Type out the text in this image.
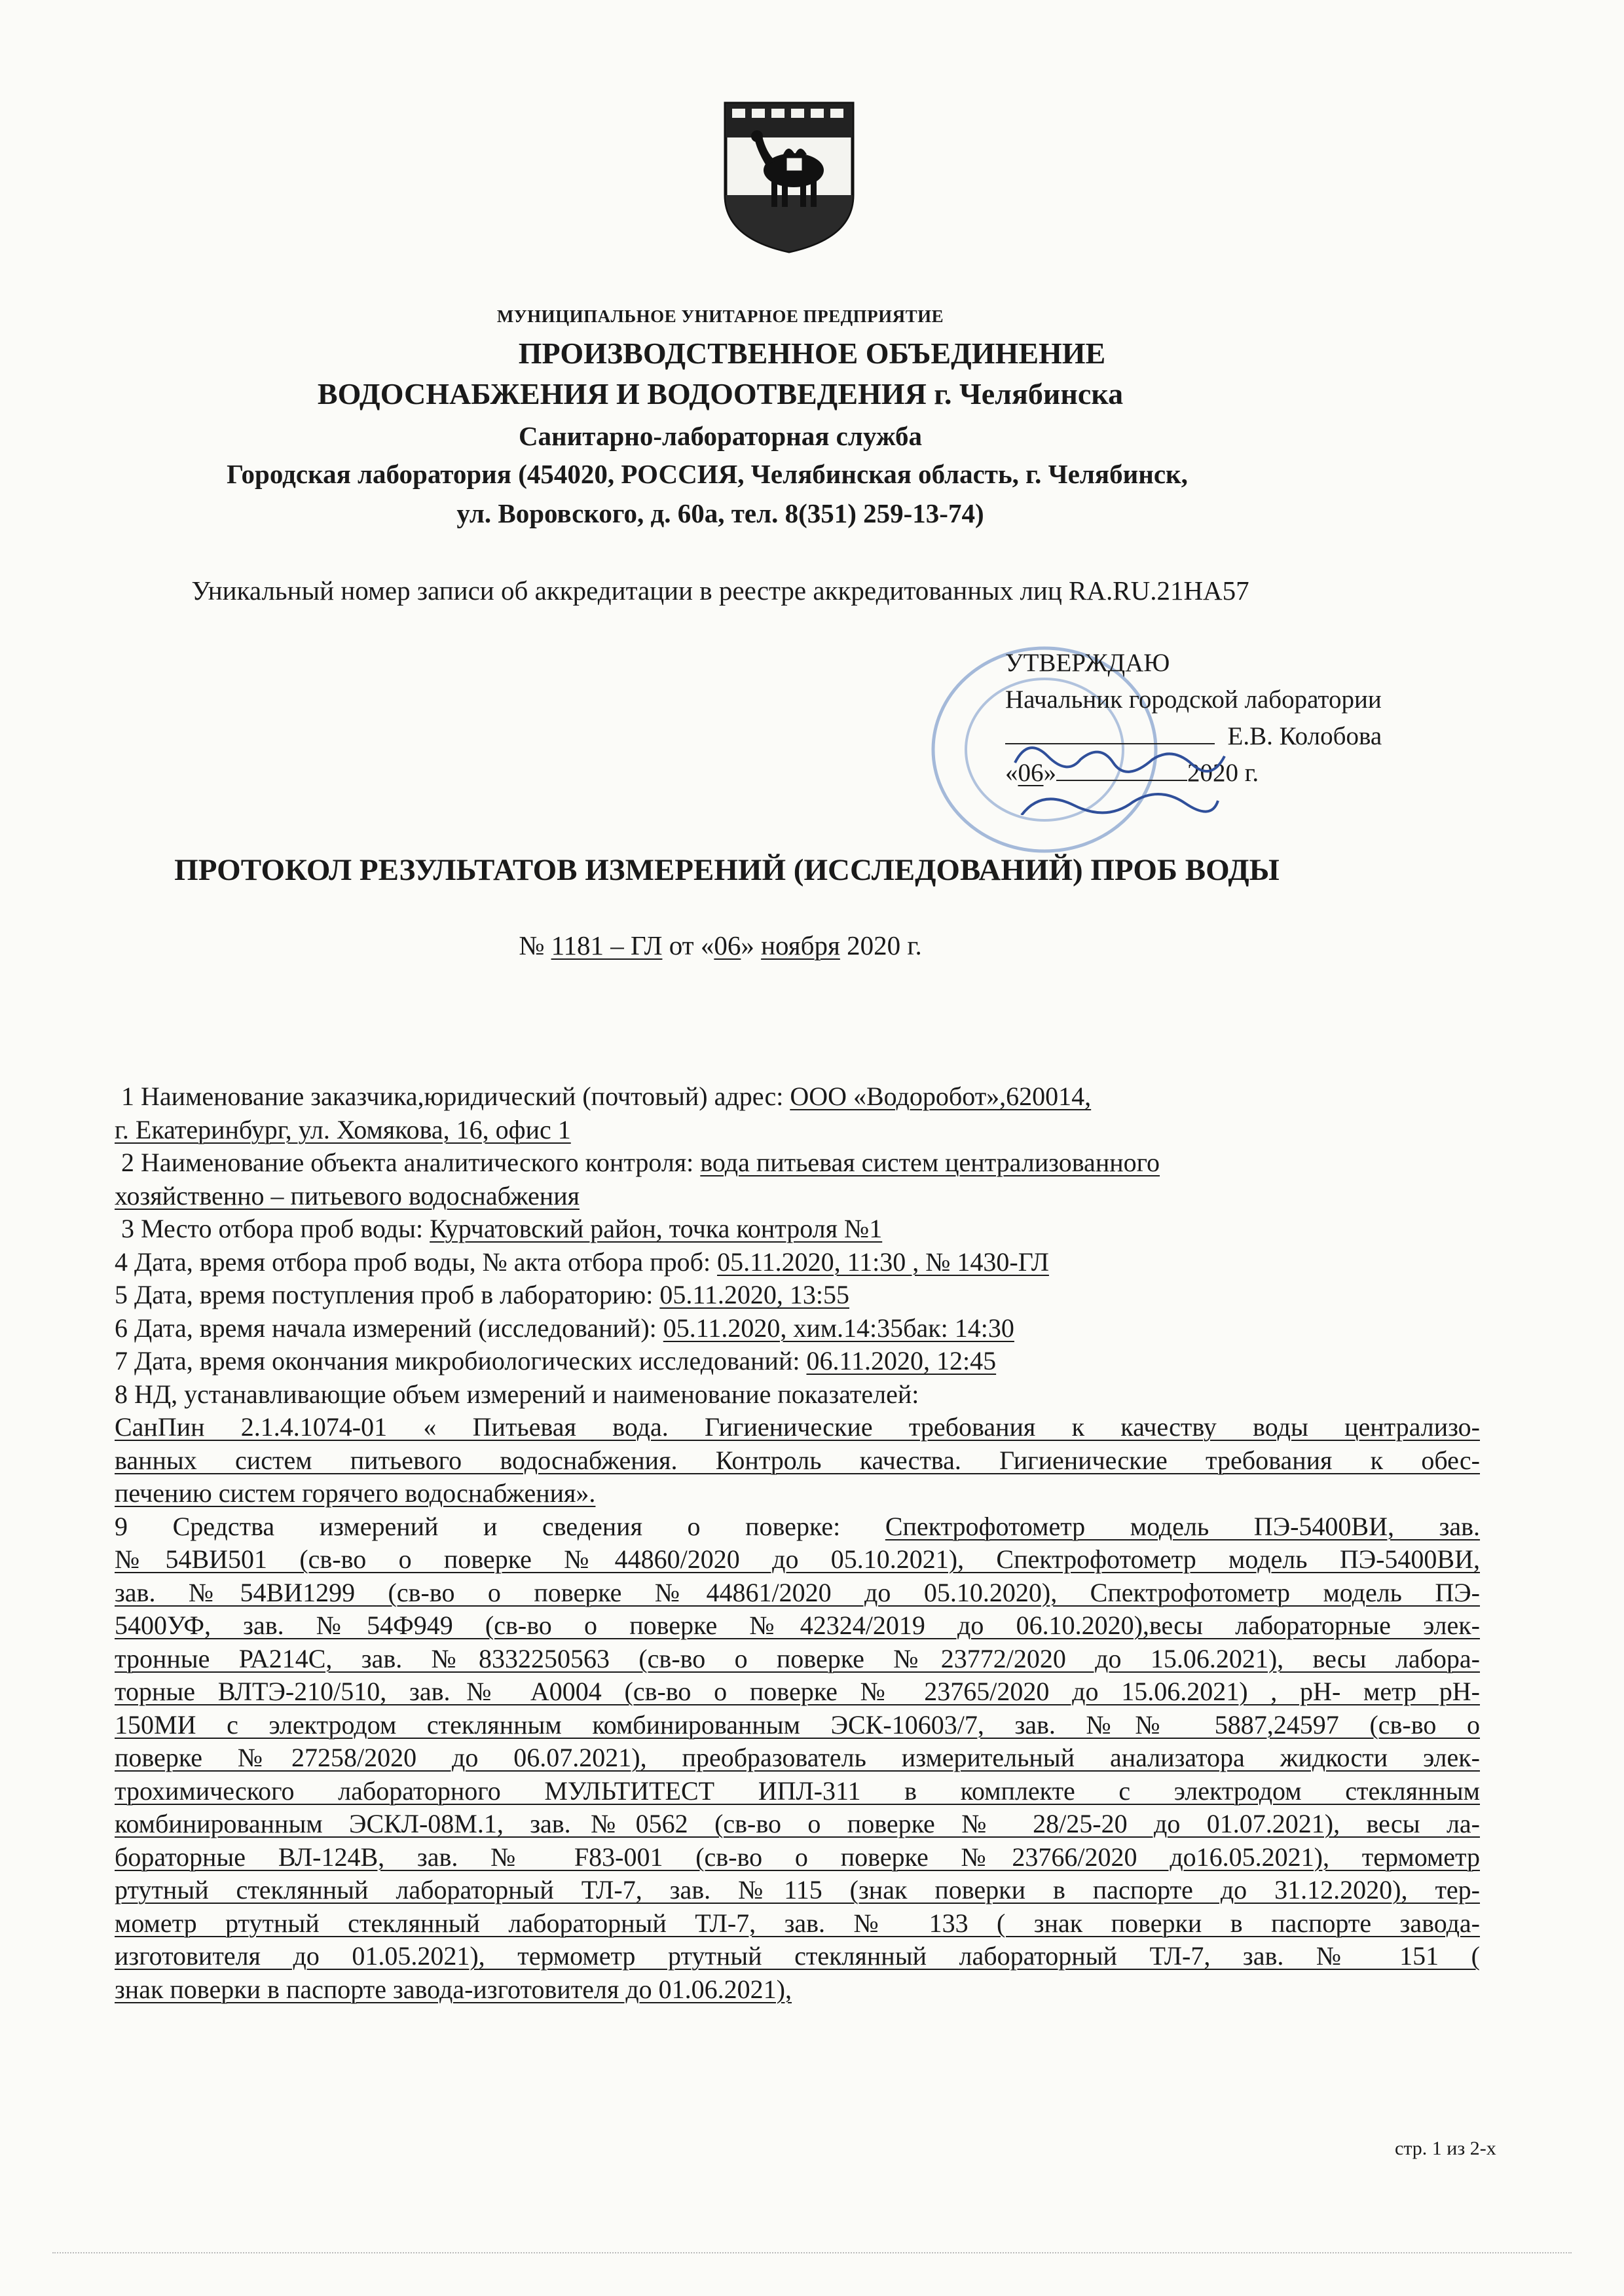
МУНИЦИПАЛЬНОЕ УНИТАРНОЕ ПРЕДПРИЯТИЕ
ПРОИЗВОДСТВЕННОЕ ОБЪЕДИНЕНИЕ
ВОДОСНАБЖЕНИЯ И ВОДООТВЕДЕНИЯ г. Челябинска
Санитарно-лабораторная служба
Городская лаборатория (454020, РОССИЯ, Челябинская область, г. Челябинск,
ул. Воровского, д. 60а, тел. 8(351) 259-13-74)
Уникальный номер записи об аккредитации в реестре аккредитованных лиц RA.RU.21НА57
УТВЕРЖДАЮ
Начальник городской лаборатории
Е.В. Колобова
«06»	2020 г.
ПРОТОКОЛ РЕЗУЛЬТАТОВ ИЗМЕРЕНИЙ (ИССЛЕДОВАНИЙ) ПРОБ ВОДЫ
№ 1181 – ГЛ от «06» ноября 2020 г.
1 Наименование заказчика,юридический (почтовый) адрес: ООО «Водоробот»,620014,
г. Екатеринбург, ул. Хомякова, 16, офис 1
2 Наименование объекта аналитического контроля: вода питьевая систем централизованного
хозяйственно – питьевого водоснабжения
3 Место отбора проб воды: Курчатовский район, точка контроля №1
4 Дата, время отбора проб воды, № акта отбора проб: 05.11.2020, 11:30 , № 1430-ГЛ
5 Дата, время поступления проб в лабораторию: 05.11.2020, 13:55
6 Дата, время начала измерений (исследований): 05.11.2020, хим.14:35бак: 14:30
7 Дата, время окончания микробиологических исследований: 06.11.2020, 12:45
8 НД, устанавливающие объем измерений и наименование показателей:
СанПин 2.1.4.1074-01 « Питьевая вода. Гигиенические требования к качеству воды централизо-
ванных систем питьевого водоснабжения. Контроль качества. Гигиенические требования к обес-
печению систем горячего водоснабжения».
9 Средства измерений и сведения о поверке: Спектрофотометр модель ПЭ-5400ВИ, зав.
№54ВИ501 (св-во о поверке №44860/2020 до 05.10.2021), Спектрофотометр модель ПЭ-5400ВИ,
зав. №54ВИ1299 (св-во о поверке №44861/2020 до 05.10.2020), Спектрофотометр модель ПЭ-
5400УФ, зав. №54Ф949 (св-во о поверке №42324/2019 до 06.10.2020),весы лабораторные элек-
тронные РА214С, зав. №8332250563 (св-во о поверке №23772/2020 до 15.06.2021), весы лабора-
торные ВЛТЭ-210/510, зав.№ А0004 (св-во о поверке № 23765/2020 до 15.06.2021) , рН- метр рН-
150МИ с электродом стеклянным комбинированным ЭСК-10603/7, зав. №№ 5887,24597 (св-во о
поверке №27258/2020 до 06.07.2021), преобразователь измерительный анализатора жидкости элек-
трохимического лабораторного МУЛЬТИТЕСТ ИПЛ-311 в комплекте с электродом стеклянным
комбинированным ЭСКЛ-08М.1, зав.№0562 (св-во о поверке № 28/25-20 до 01.07.2021), весы ла-
бораторные ВЛ-124В, зав. № F83-001 (св-во о поверке №23766/2020 до16.05.2021), термометр
ртутный стеклянный лабораторный ТЛ-7, зав. №115 (знак поверки в паспорте до 31.12.2020), тер-
мометр ртутный стеклянный лабораторный ТЛ-7, зав. № 133 ( знак поверки в паспорте завода-
изготовителя до 01.05.2021), термометр ртутный стеклянный лабораторный ТЛ-7, зав. № 151 (
знак поверки в паспорте завода-изготовителя до 01.06.2021),
стр. 1 из 2-х
